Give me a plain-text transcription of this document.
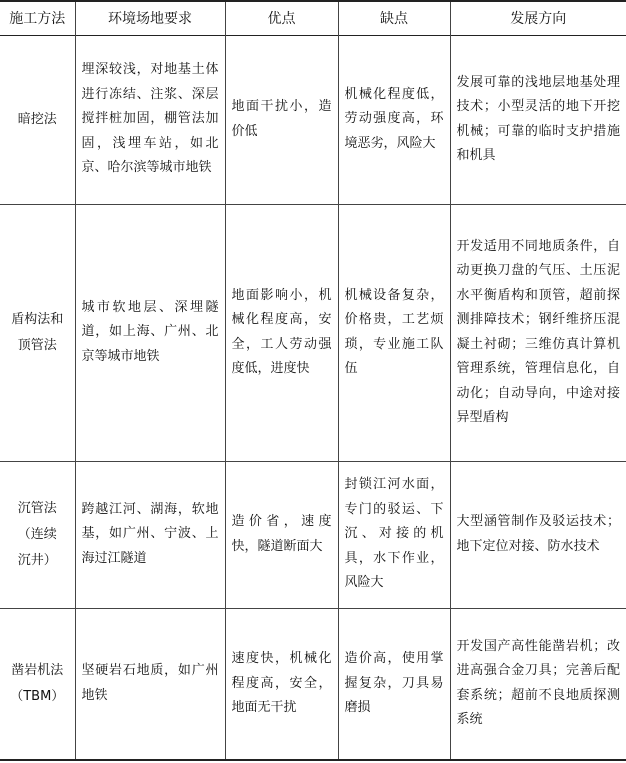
施工方法	环境场地要求	优点	缺点	发展方向
暗挖法	埋深较浅，对地基土体进行冻结、注浆、深层搅拌桩加固，棚管法加固，浅埋车站，如北京、哈尔滨等城市地铁	地面干扰小，造价低	机械化程度低，劳动强度高，环境恶劣，风险大	发展可靠的浅地层地基处理技术；小型灵活的地下开挖机械；可靠的临时支护措施和机具
盾构法和顶管法	城市软地层、深埋隧道，如上海、广州、北京等城市地铁	地面影响小，机械化程度高，安全，工人劳动强度低，进度快	机械设备复杂，价格贵，工艺烦琐，专业施工队伍	开发适用不同地质条件，自动更换刀盘的气压、土压泥水平衡盾构和顶管，超前探测排障技术；钢纤维挤压混凝土衬砌；三维仿真计算机管理系统，管理信息化，自动化；自动导向，中途对接异型盾构
沉管法（连续沉井）	跨越江河、湖海，软地基，如广州、宁波、上海过江隧道	造价省，速度快，隧道断面大	封锁江河水面，专门的驳运、下沉、对接的机具，水下作业，风险大	大型涵管制作及驳运技术；地下定位对接、防水技术
凿岩机法（TBM）	坚硬岩石地质，如广州地铁	速度快，机械化程度高，安全，地面无干扰	造价高，使用掌握复杂，刀具易磨损	开发国产高性能凿岩机；改进高强合金刀具；完善后配套系统；超前不良地质探测系统
